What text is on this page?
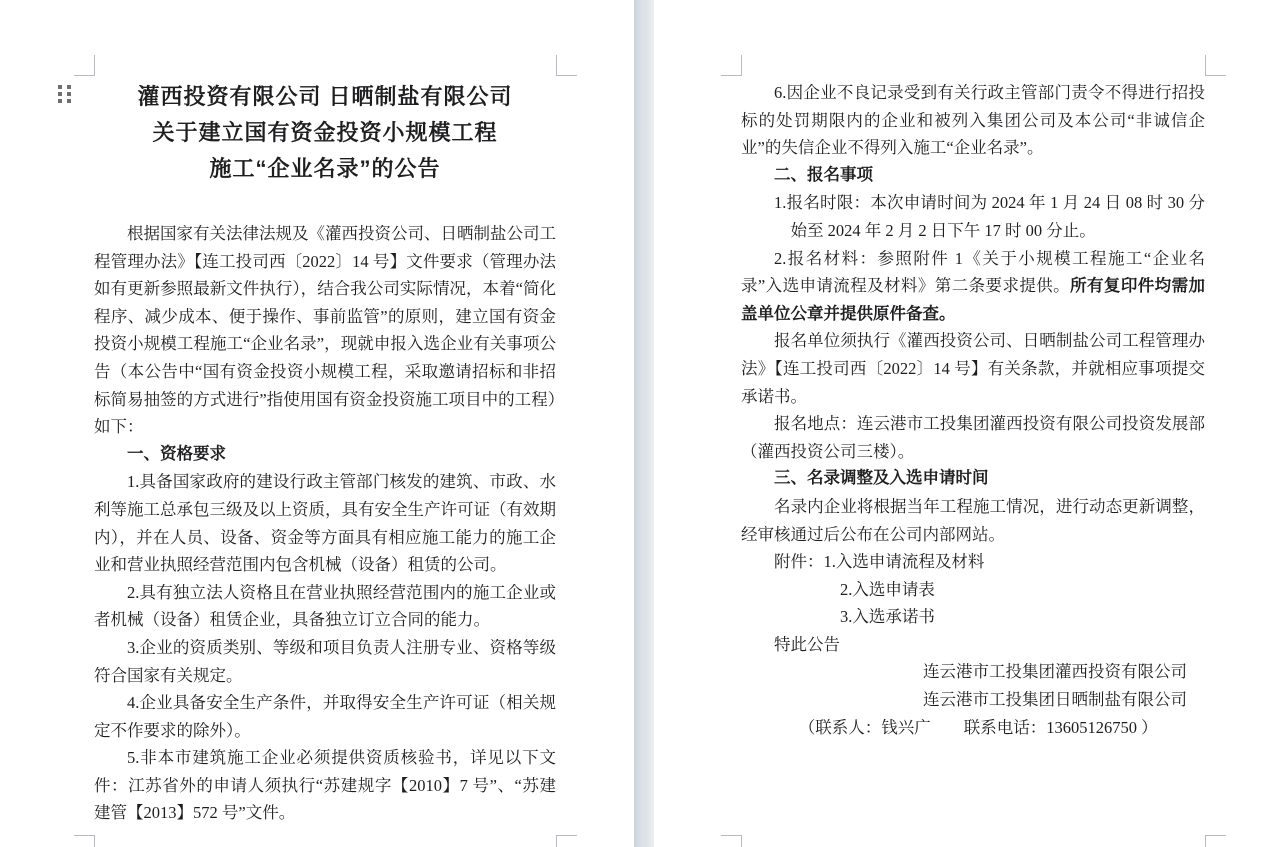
灌西投资有限公司 日晒制盐有限公司
关于建立国有资金投资小规模工程
施工“企业名录”的公告
根据国家有关法律法规及《灌西投资公司、日晒制盐公司工程管理办法》【连工投司西〔2022〕14 号】文件要求（管理办法如有更新参照最新文件执行），结合我公司实际情况，本着“简化程序、减少成本、便于操作、事前监管”的原则，建立国有资金投资小规模工程施工“企业名录”，现就申报入选企业有关事项公告（本公告中“国有资金投资小规模工程，采取邀请招标和非招标简易抽签的方式进行”指使用国有资金投资施工项目中的工程）如下：
一、资格要求
1.具备国家政府的建设行政主管部门核发的建筑、市政、水利等施工总承包三级及以上资质，具有安全生产许可证（有效期内），并在人员、设备、资金等方面具有相应施工能力的施工企业和营业执照经营范围内包含机械（设备）租赁的公司。
2.具有独立法人资格且在营业执照经营范围内的施工企业或者机械（设备）租赁企业，具备独立订立合同的能力。
3.企业的资质类别、等级和项目负责人注册专业、资格等级符合国家有关规定。
4.企业具备安全生产条件，并取得安全生产许可证（相关规定不作要求的除外）。
5.非本市建筑施工企业必须提供资质核验书，详见以下文件：江苏省外的申请人须执行“苏建规字【2010】7 号”、“苏建建管【2013】572 号”文件。
6.因企业不良记录受到有关行政主管部门责令不得进行招投标的处罚期限内的企业和被列入集团公司及本公司“非诚信企业”的失信企业不得列入施工“企业名录”。
二、报名事项
1.报名时限：本次申请时间为 2024 年 1 月 24 日 08 时 30 分始至 2024 年 2 月 2 日下午 17 时 00 分止。
2.报名材料：参照附件 1《关于小规模工程施工“企业名录”入选申请流程及材料》第二条要求提供。所有复印件均需加盖单位公章并提供原件备查。
报名单位须执行《灌西投资公司、日晒制盐公司工程管理办法》【连工投司西〔2022〕14 号】有关条款，并就相应事项提交承诺书。
报名地点：连云港市工投集团灌西投资有限公司投资发展部（灌西投资公司三楼）。
三、名录调整及入选申请时间
名录内企业将根据当年工程施工情况，进行动态更新调整，经审核通过后公布在公司内部网站。
附件：1.入选申请流程及材料
2.入选申请表
3.入选承诺书
特此公告
连云港市工投集团灌西投资有限公司
连云港市工投集团日晒制盐有限公司
（联系人：钱兴广　　联系电话：13605126750 ）
